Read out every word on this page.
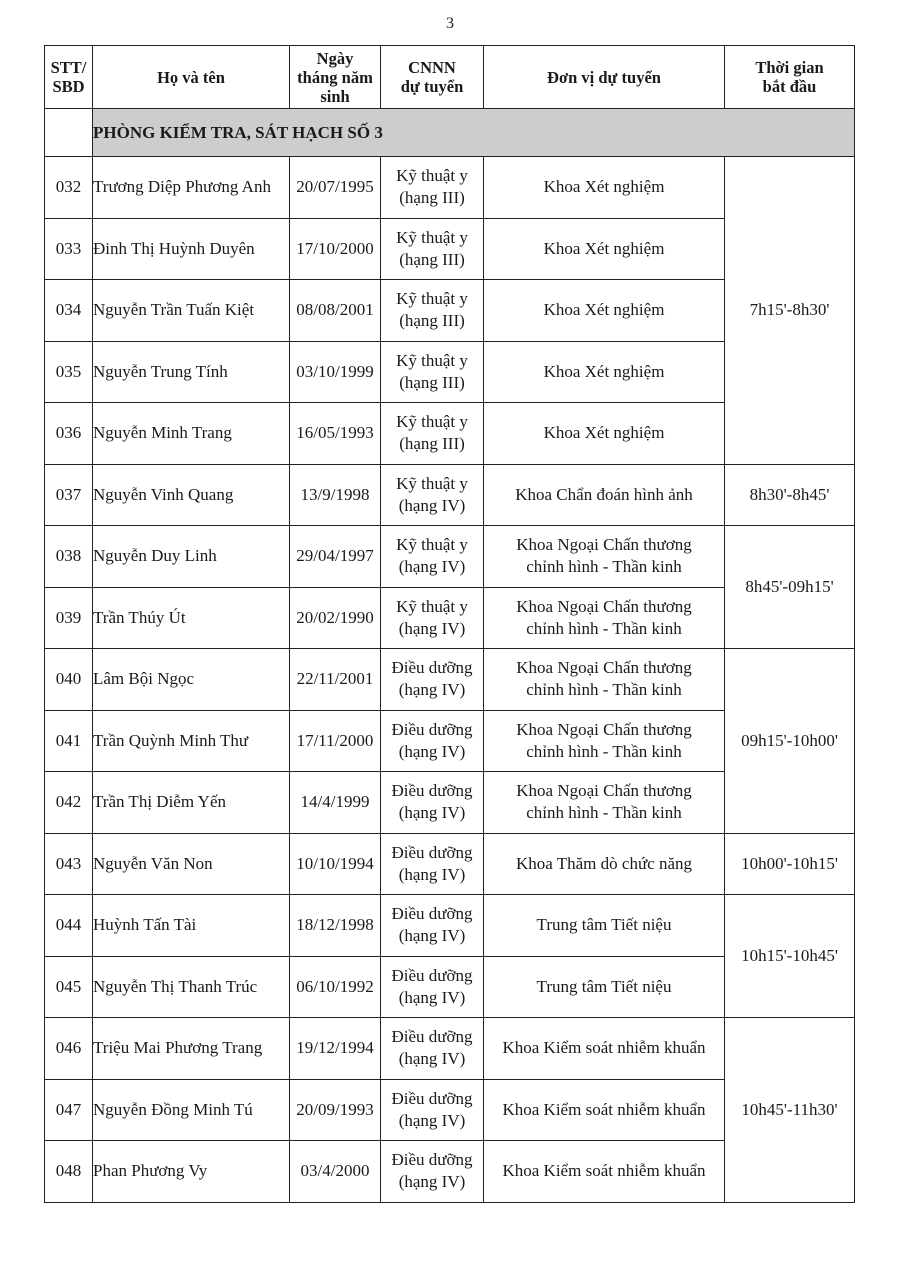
3
STT/
SBD	Họ và tên	Ngày
tháng năm
sinh	CNNN
dự tuyển	Đơn vị dự tuyển	Thời gian
bắt đầu

	PHÒNG KIỂM TRA, SÁT HẠCH SỐ 3				
032	Trương Diệp Phương Anh	20/07/1995	Kỹ thuật y
(hạng III)	Khoa Xét nghiệm	7h15'-8h30'
033	Đinh Thị Huỳnh Duyên	17/10/2000	Kỹ thuật y
(hạng III)	Khoa Xét nghiệm	

034	Nguyễn Trần Tuấn Kiệt	08/08/2001	Kỹ thuật y
(hạng III)	Khoa Xét nghiệm	

035	Nguyễn Trung Tính	03/10/1999	Kỹ thuật y
(hạng III)	Khoa Xét nghiệm	

036	Nguyễn Minh Trang	16/05/1993	Kỹ thuật y
(hạng III)	Khoa Xét nghiệm	

037	Nguyễn Vinh Quang	13/9/1998	Kỹ thuật y
(hạng IV)	Khoa Chẩn đoán hình ảnh	8h30'-8h45'
038	Nguyễn Duy Linh	29/04/1997	Kỹ thuật y
(hạng IV)	Khoa Ngoại Chấn thương
chỉnh hình - Thần kinh	8h45'-09h15'
039	Trần Thúy Út	20/02/1990	Kỹ thuật y
(hạng IV)	Khoa Ngoại Chấn thương
chỉnh hình - Thần kinh	

040	Lâm Bội Ngọc	22/11/2001	Điều dưỡng
(hạng IV)	Khoa Ngoại Chấn thương
chỉnh hình - Thần kinh	09h15'-10h00'
041	Trần Quỳnh Minh Thư	17/11/2000	Điều dưỡng
(hạng IV)	Khoa Ngoại Chấn thương
chỉnh hình - Thần kinh	

042	Trần Thị Diễm Yến	14/4/1999	Điều dưỡng
(hạng IV)	Khoa Ngoại Chấn thương
chỉnh hình - Thần kinh	

043	Nguyễn Văn Non	10/10/1994	Điều dưỡng
(hạng IV)	Khoa Thăm dò chức năng	10h00'-10h15'
044	Huỳnh Tấn Tài	18/12/1998	Điều dưỡng
(hạng IV)	Trung tâm Tiết niệu	10h15'-10h45'
045	Nguyễn Thị Thanh Trúc	06/10/1992	Điều dưỡng
(hạng IV)	Trung tâm Tiết niệu	

046	Triệu Mai Phương Trang	19/12/1994	Điều dưỡng
(hạng IV)	Khoa Kiểm soát nhiễm khuẩn	10h45'-11h30'
047	Nguyễn Đồng Minh Tú	20/09/1993	Điều dưỡng
(hạng IV)	Khoa Kiểm soát nhiễm khuẩn	

048	Phan Phương Vy	03/4/2000	Điều dưỡng
(hạng IV)	Khoa Kiểm soát nhiễm khuẩn	
